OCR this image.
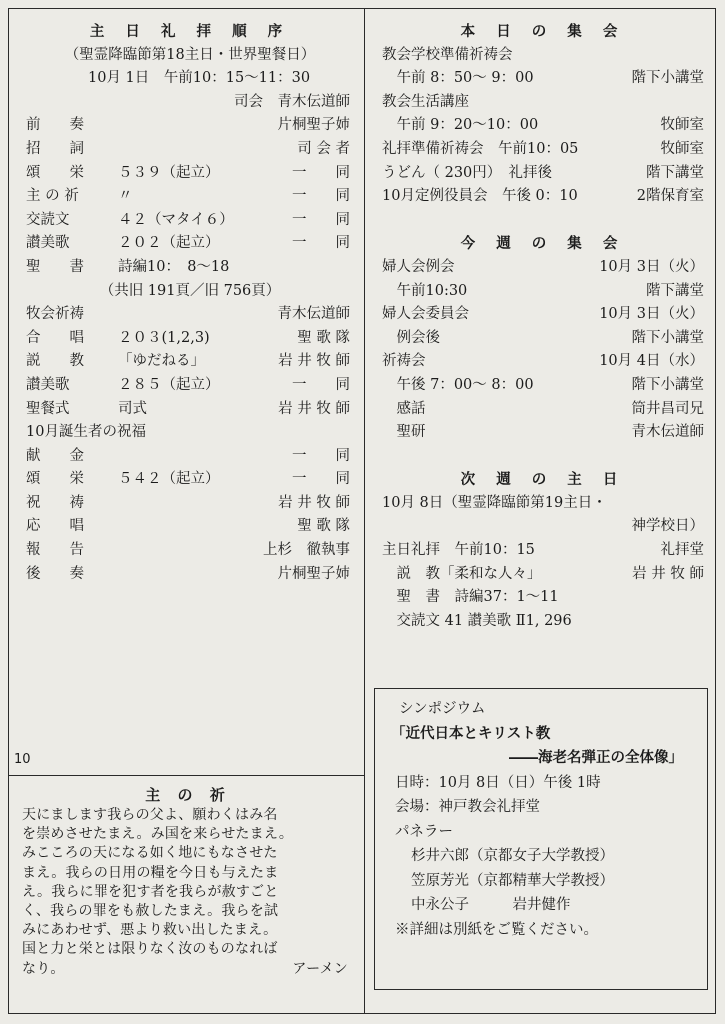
10
主 日 礼 拝 順 序
（聖霊降臨節第18主日・世界聖餐日）
10月 1日　午前10：15〜11：30
司会　青木伝道師
前　　奏	片桐聖子姉
招　　詞	司 会 者
頌　　栄 ５３９（起立）	一　　同
主 の 祈	〃	一　　同
交読文	４２（マタイ６）	一　　同
讃美歌	２０２（起立）	一　　同
聖　　書 詩編10：　8〜18
（共旧 191頁／旧 756頁）
牧会祈祷	青木伝道師
合　　唱 ２０３(1,2,3)	聖 歌 隊
説　　教 「ゆだねる」	岩 井 牧 師
讃美歌	２８５（起立）	一　　同
聖餐式	司式	岩 井 牧 師
10月誕生者の祝福
献　　金	一　　同
頌　　栄 ５４２（起立）	一　　同
祝　　祷	岩 井 牧 師
応　　唱	聖 歌 隊
報　　告	上杉　徹執事
後　　奏	片桐聖子姉
主 の 祈
天にまします我らの父よ、願わくはみ名
を崇めさせたまえ。み国を来らせたまえ。
みこころの天になる如く地にもなさせた
まえ。我らの日用の糧を今日も与えたま
え。我らに罪を犯す者を我らが赦すごと
く、我らの罪をも赦したまえ。我らを試
みにあわせず、悪より救い出したまえ。
国と力と栄とは限りなく汝のものなれば
なり。	アーメン
本 日 の 集 会
教会学校準備祈祷会
　午前 8：50〜 9：00	階下小講堂
教会生活講座
　午前 9：20〜10：00	牧師室
礼拝準備祈祷会　午前10：05	牧師室
うどん（ 230円）　礼拝後	階下講堂
10月定例役員会　午後 0：10	2階保育室
今 週 の 集 会
婦人会例会	10月 3日（火）
　午前10:30	階下講堂
婦人会委員会	10月 3日（火）
　例会後	階下小講堂
祈祷会	10月 4日（水）
　午後 7：00〜 8：00	階下小講堂
　感話	筒井昌司兄
　聖研	青木伝道師
次 週 の 主 日
10月 8日（聖霊降臨節第19主日・
神学校日）
主日礼拝　午前10：15	礼拝堂
　説　教「柔和な人々」	岩 井 牧 師
　聖　書　詩編37：1〜11
　交読文 41 讃美歌 Ⅱ1, 296
シンポジウム
「近代日本とキリスト教
――海老名弾正の全体像」
日時：10月 8日（日）午後 1時
会場：神戸教会礼拝堂
パネラー
杉井六郎（京都女子大学教授）
笠原芳光（京都精華大学教授）
中永公子　　　岩井健作
※詳細は別紙をご覧ください。
